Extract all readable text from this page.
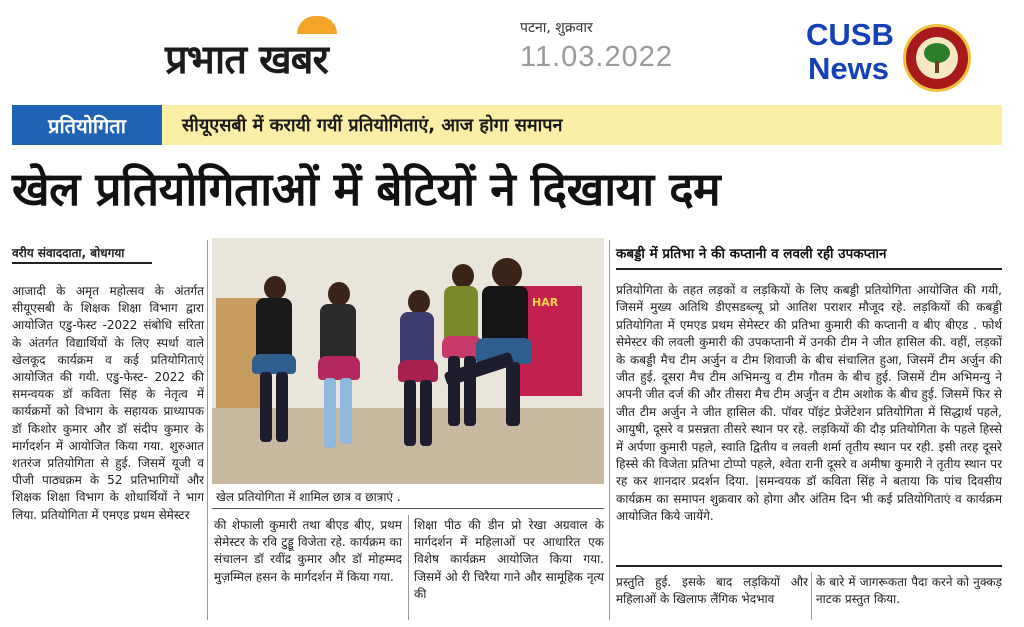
प्रभात खबर
पटना, शुक्रवार
11.03.2022
CUSB
News
प्रतियोगिता	सीयूएसबी में करायी गयीं प्रतियोगिताएं, आज होगा समापन
खेल प्रतियोगिताओं में बेटियों ने दिखाया दम
वरीय संवाददाता, बोधगया
आजादी के अमृत महोत्सव के अंतर्गत सीयूएसबी के शिक्षक शिक्षा विभाग द्वारा आयोजित एडु-फेस्ट -2022 संबोधि सरिता के अंतर्गत विद्यार्थियों के लिए स्पर्धा वाले खेलकूद कार्यक्रम व कई प्रतियोगिताएं आयोजित की गयी. एडु-फेस्ट- 2022 की समन्वयक डॉ कविता सिंह के नेतृत्व में कार्यक्रमों को विभाग के सहायक प्राध्यापक डॉ किशोर कुमार और डॉ संदीप कुमार के मार्गदर्शन में आयोजित किया गया. शुरुआत शतरंज प्रतियोगिता से हुई. जिसमें यूजी व पीजी पाठ्यक्रम के 52 प्रतिभागियों और शिक्षक शिक्षा विभाग के शोधार्थियों ने भाग लिया. प्रतियोगिता में एमएड प्रथम सेमेस्टर
HAR
खेल प्रतियोगिता में शामिल छात्र व छात्राएं .
की शेफाली कुमारी तथा बीएड बीए, प्रथम सेमेस्टर के रवि टुड्डू विजेता रहे. कार्यक्रम का संचालन डॉ रवींद्र कुमार और डॉ मोहम्मद मुज़म्मिल हसन के मार्गदर्शन में किया गया.
शिक्षा पीठ की डीन प्रो रेखा अग्रवाल के मार्गदर्शन में महिलाओं पर आधारित एक विशेष कार्यक्रम आयोजित किया गया. जिसमें ओ री चिरैया गाने और सामूहिक नृत्य की
कबड्डी में प्रतिभा ने की कप्तानी व लवली रही उपकप्तान
प्रतियोगिता के तहत लड़कों व लड़कियों के लिए कबड्डी प्रतियोगिता आयोजित की गयी, जिसमें मुख्य अतिथि डीएसडब्ल्यू प्रो आतिश पराशर मौजूद रहे. लड़कियों की कबड्डी प्रतियोगिता में एमएड प्रथम सेमेस्टर की प्रतिभा कुमारी की कप्तानी व बीए बीएड . फोर्थ सेमेस्टर की लवली कुमारी की उपकप्तानी में उनकी टीम ने जीत हासिल की. वहीं, लड़कों के कबड्डी मैच टीम अर्जुन व टीम शिवाजी के बीच संचालित हुआ, जिसमें टीम अर्जुन की जीत हुई. दूसरा मैच टीम अभिमन्यु व टीम गौतम के बीच हुई. जिसमें टीम अभिमन्यु ने अपनी जीत दर्ज की और तीसरा मैच टीम अर्जुन व टीम अशोक के बीच हुई. जिसमें फिर से जीत टीम अर्जुन ने जीत हासिल की. पॉवर पॉइंट प्रेजेंटेशन प्रतियोगिता में सिद्धार्थ पहले, आयुषी, दूसरे व प्रसन्नता तीसरे स्थान पर रहे. लड़कियों की दौड़ प्रतियोगिता के पहले हिस्से में अर्पणा कुमारी पहले, स्वाति द्वितीय व लवली शर्मा तृतीय स्थान पर रही. इसी तरह दूसरे हिस्से की विजेता प्रतिभा टोप्पो पहले, श्वेता रानी दूसरे व अमीषा कुमारी ने तृतीय स्थान पर रह कर शानदार प्रदर्शन दिया. |समन्वयक डॉ कविता सिंह ने बताया कि पांच दिवसीय कार्यक्रम का समापन शुक्रवार को होगा और अंतिम दिन भी कई प्रतियोगिताएं व कार्यक्रम आयोजित किये जायेंगे.
प्रस्तुति हुई. इसके बाद लड़कियों और महिलाओं के खिलाफ लैंगिक भेदभाव
के बारे में जागरूकता पैदा करने को नुक्कड़ नाटक प्रस्तुत किया.
